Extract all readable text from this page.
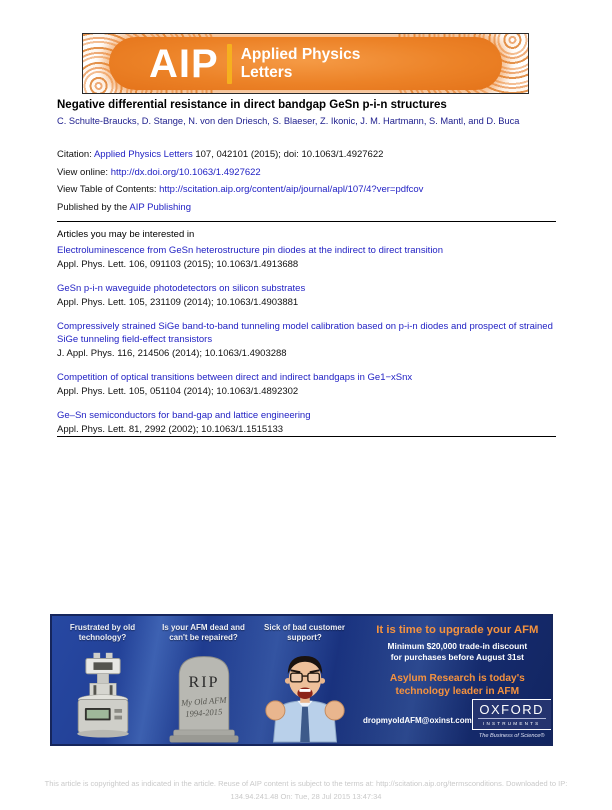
AIP Applied Physics
Letters
Negative differential resistance in direct bandgap GeSn p-i-n structures
C. Schulte-Braucks, D. Stange, N. von den Driesch, S. Blaeser, Z. Ikonic, J. M. Hartmann, S. Mantl, and D. Buca

Citation: Applied Physics Letters 107, 042101 (2015); doi: 10.1063/1.4927622

View online: http://dx.doi.org/10.1063/1.4927622

View Table of Contents: http://scitation.aip.org/content/aip/journal/apl/107/4?ver=pdfcov

Published by the AIP Publishing

Articles you may be interested in
Electroluminescence from GeSn heterostructure pin diodes at the indirect to direct transition
Appl. Phys. Lett. 106, 091103 (2015); 10.1063/1.4913688
GeSn p-i-n waveguide photodetectors on silicon substrates
Appl. Phys. Lett. 105, 231109 (2014); 10.1063/1.4903881
Compressively strained SiGe band-to-band tunneling model calibration based on p-i-n diodes and prospect of strained SiGe tunneling field-effect transistors
J. Appl. Phys. 116, 214506 (2014); 10.1063/1.4903288
Competition of optical transitions between direct and indirect bandgaps in Ge1−xSnx
Appl. Phys. Lett. 105, 051104 (2014); 10.1063/1.4892302
Ge–Sn semiconductors for band-gap and lattice engineering
Appl. Phys. Lett. 81, 2992 (2002); 10.1063/1.1515133
Frustrated by old technology?
Is your AFM dead and can't be repaired?
RIP
My Old AFM
1994-2015
Sick of bad customer support?
It is time to upgrade your AFM
Minimum $20,000 trade-in discount
for purchases before August 31st
Asylum Research is today's
technology leader in AFM
dropmyoldAFM@oxinst.com
OXFORD
INSTRUMENTS
The Business of Science®

This article is copyrighted as indicated in the article. Reuse of AIP content is subject to the terms at: http://scitation.aip.org/termsconditions. Downloaded to IP:

134.94.241.48 On: Tue, 28 Jul 2015 13:47:34
